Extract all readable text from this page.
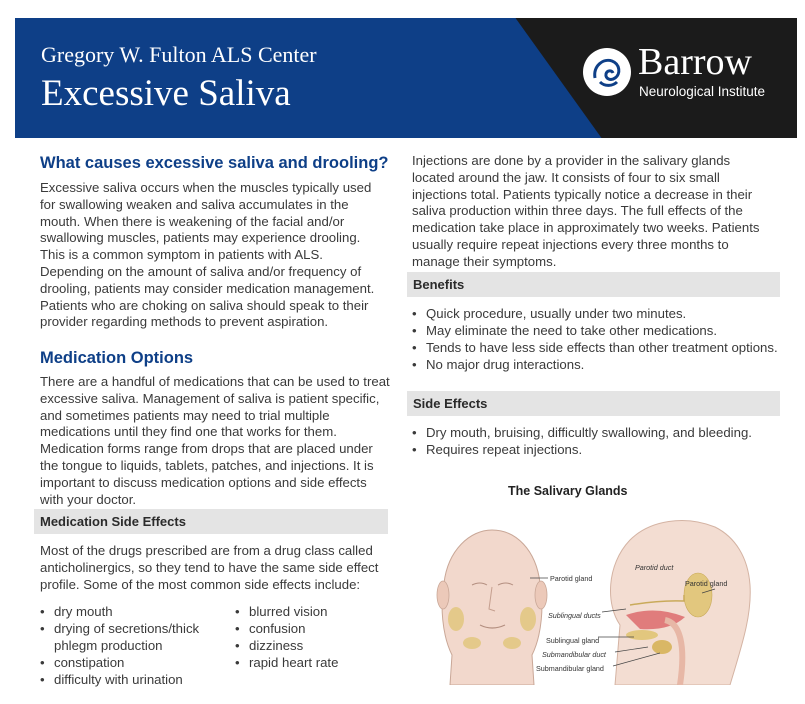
Gregory W. Fulton ALS Center
Excessive Saliva
Barrow
Neurological Institute
What causes excessive saliva and drooling?

Excessive saliva occurs when the muscles typically used for swallowing weaken and saliva accumulates in the mouth. When there is weakening of the facial and/or swallowing muscles, patients may experience drooling. This is a common symptom in patients with ALS. Depending on the amount of saliva and/or frequency of drooling, patients may consider medication management. Patients who are choking on saliva should speak to their provider regarding methods to prevent aspiration.

Medication Options

There are a handful of medications that can be used to treat excessive saliva. Management of saliva is patient specific, and sometimes patients may need to trial multiple medications until they find one that works for them. Medication forms range from drops that are placed under the tongue to liquids, tablets, patches, and injections. It is important to discuss medication options and side effects with your doctor.

Medication Side Effects

Most of the drugs prescribed are from a drug class called anticholinergics, so they tend to have the same side effect profile. Some of the most common side effects include:

• dry mouth
• drying of secretions/thick phlegm production
• constipation
• difficulty with urination
• blurred vision
• confusion
• dizziness
• rapid heart rate

Injections are done by a provider in the salivary glands located around the jaw. It consists of four to six small injections total. Patients typically notice a decrease in their saliva production within three days. The full effects of the medication take place in approximately two weeks. Patients usually require repeat injections every three months to manage their symptoms.

Benefits
• Quick procedure, usually under two minutes.
• May eliminate the need to take other medications.
• Tends to have less side effects than other treatment options.
• No major drug interactions.
Side Effects
• Dry mouth, bruising, difficultly swallowing, and bleeding.
• Requires repeat injections.
The Salivary Glands
Parotid gland
Parotid duct
Parotid gland
Sublingual ducts
Sublingual gland
Submandibular duct
Submandibular gland
